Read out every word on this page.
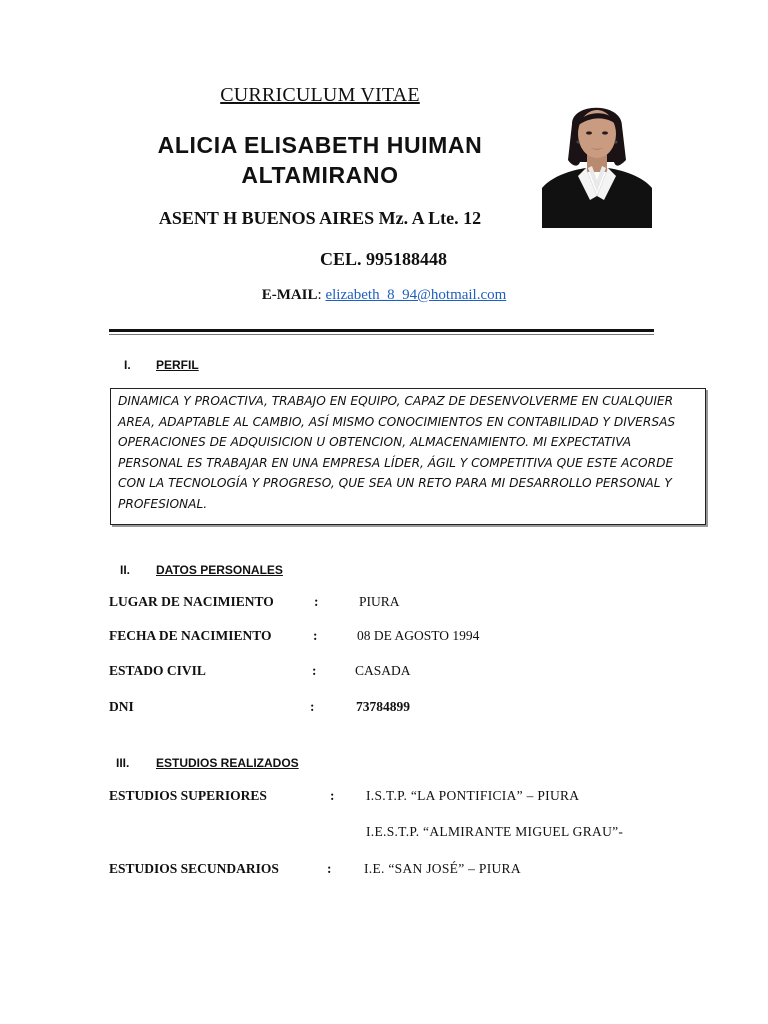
CURRICULUM VITAE
ALICIA ELISABETH HUIMAN
ALTAMIRANO
ASENT H BUENOS AIRES Mz. A Lte. 12
CEL. 995188448
E-MAIL: elizabeth_8_94@hotmail.com
I. PERFIL

DINAMICA Y PROACTIVA, TRABAJO EN EQUIPO, CAPAZ DE DESENVOLVERME EN CUALQUIER AREA, ADAPTABLE AL CAMBIO, ASÍ MISMO CONOCIMIENTOS EN CONTABILIDAD Y DIVERSAS OPERACIONES DE ADQUISICION U OBTENCION, ALMACENAMIENTO. MI EXPECTATIVA PERSONAL ES TRABAJAR EN UNA EMPRESA LÍDER, ÁGIL Y COMPETITIVA QUE ESTE ACORDE CON LA TECNOLOGÍA Y PROGRESO, QUE SEA UN RETO PARA MI DESARROLLO PERSONAL Y PROFESIONAL.

II. DATOS PERSONALES
LUGAR DE NACIMIENTO	:	PIURA
FECHA DE NACIMIENTO	:	08 DE AGOSTO 1994
ESTADO CIVIL	:	CASADA
DNI	:	73784899
III. ESTUDIOS REALIZADOS
ESTUDIOS SUPERIORES	: I.S.T.P. “LA PONTIFICIA” – PIURA
I.E.S.T.P. “ALMIRANTE MIGUEL GRAU”-
ESTUDIOS SECUNDARIOS	: I.E. “SAN JOSÉ” – PIURA
